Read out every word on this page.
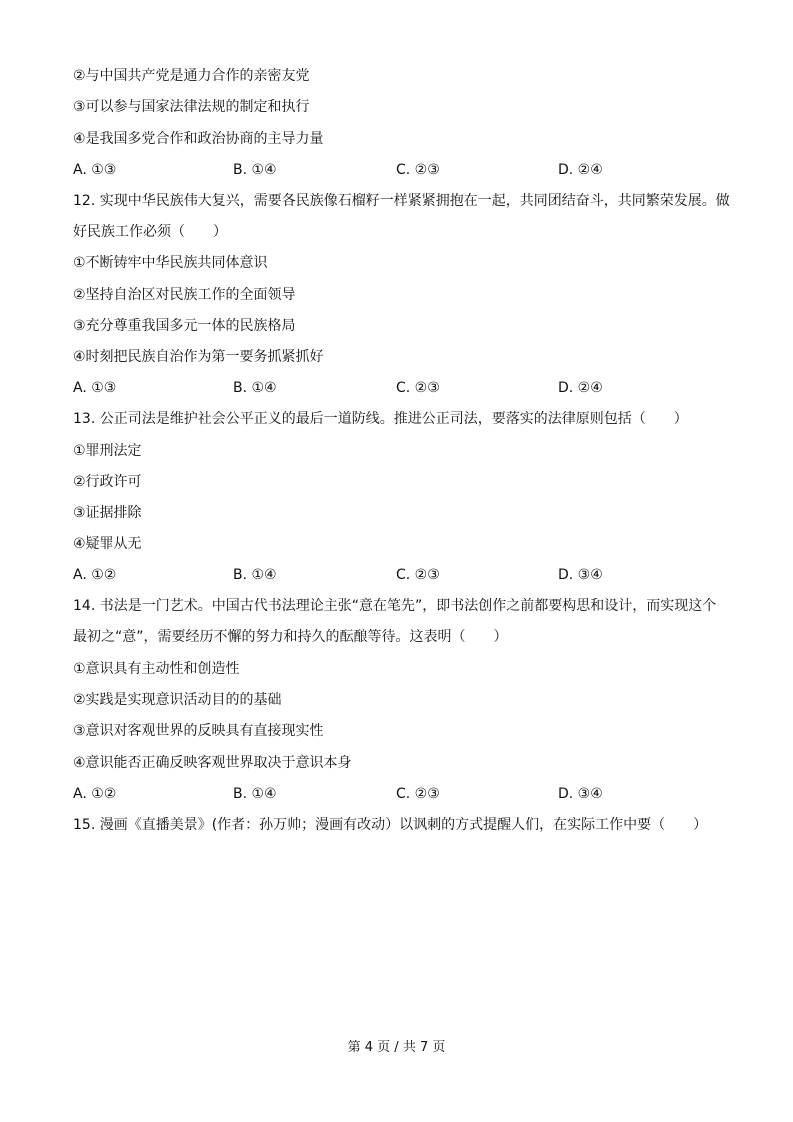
②与中国共产党是通力合作的亲密友党
③可以参与国家法律法规的制定和执行
④是我国多党合作和政治协商的主导力量
A. ①③	B. ①④	C. ②③	D. ②④
12. 实现中华民族伟大复兴，需要各民族像石榴籽一样紧紧拥抱在一起，共同团结奋斗，共同繁荣发展。做
好民族工作必须（　　）
①不断铸牢中华民族共同体意识
②坚持自治区对民族工作的全面领导
③充分尊重我国多元一体的民族格局
④时刻把民族自治作为第一要务抓紧抓好
A. ①③	B. ①④	C. ②③	D. ②④
13. 公正司法是维护社会公平正义的最后一道防线。推进公正司法，要落实的法律原则包括（　　）
①罪刑法定
②行政许可
③证据排除
④疑罪从无
A. ①②	B. ①④	C. ②③	D. ③④
14. 书法是一门艺术。中国古代书法理论主张“意在笔先”，即书法创作之前都要构思和设计，而实现这个
最初之“意”，需要经历不懈的努力和持久的酝酿等待。这表明（　　）
①意识具有主动性和创造性
②实践是实现意识活动目的的基础
③意识对客观世界的反映具有直接现实性
④意识能否正确反映客观世界取决于意识本身
A. ①②	B. ①④	C. ②③	D. ③④
15. 漫画《直播美景》(作者：孙万帅；漫画有改动）以讽刺的方式提醒人们，在实际工作中要（　　）
第 4 页 / 共 7 页
